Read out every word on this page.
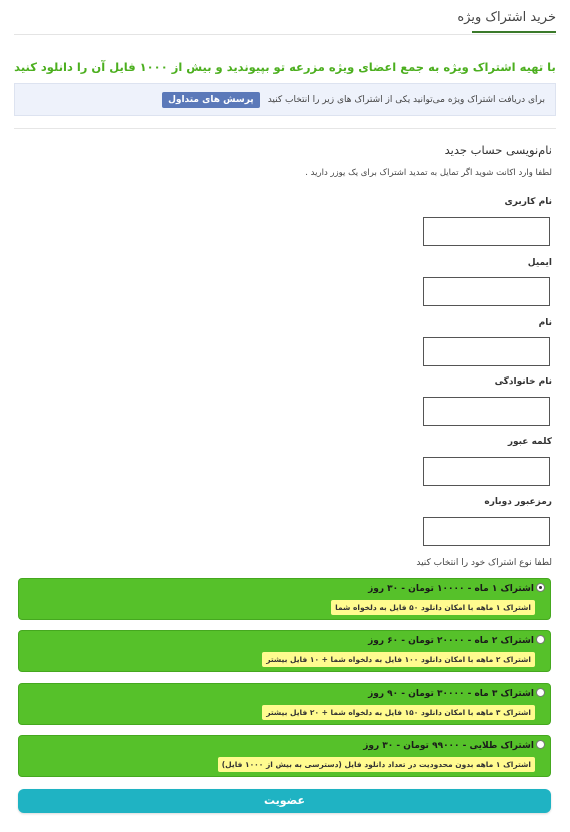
خرید اشتراک ویژه
با تهیه اشتراک ویژه به جمع اعضای ویژه مزرعه تو بپیوندید و بیش از ۱۰۰۰ فایل آن را دانلود کنید
برای دریافت اشتراک ویژه می‌توانید یکی از اشتراک های زیر را انتخاب کنید
پرسش های متداول
نام‌نویسی حساب جدید
لطفا وارد اکانت شوید اگر تمایل به تمدید اشتراک برای یک یوزر دارید .
نام کاربری
ایمیل
نام
نام خانوادگی
کلمه عبور
رمزعبور دوباره
لطفا نوع اشتراک خود را انتخاب کنید
اشتراک ۱ ماه - ۱۰۰۰۰ تومان - ۳۰ روز
اشتراک ۱ ماهه با امکان دانلود ۵۰ فایل به دلخواه شما
اشتراک ۲ ماه - ۲۰۰۰۰ تومان - ۶۰ روز
اشتراک ۲ ماهه با امکان دانلود ۱۰۰ فایل به دلخواه شما + ۱۰ فایل بیشتر
اشتراک ۳ ماه - ۳۰۰۰۰ تومان - ۹۰ روز
اشتراک ۳ ماهه با امکان دانلود ۱۵۰ فایل به دلخواه شما + ۲۰ فایل بیشتر
اشتراک طلایی - ۹۹۰۰۰ تومان - ۳۰ روز
اشتراک ۱ ماهه بدون محدودیت در تعداد دانلود فایل (دسترسی به بیش از ۱۰۰۰ فایل)
عضویت
